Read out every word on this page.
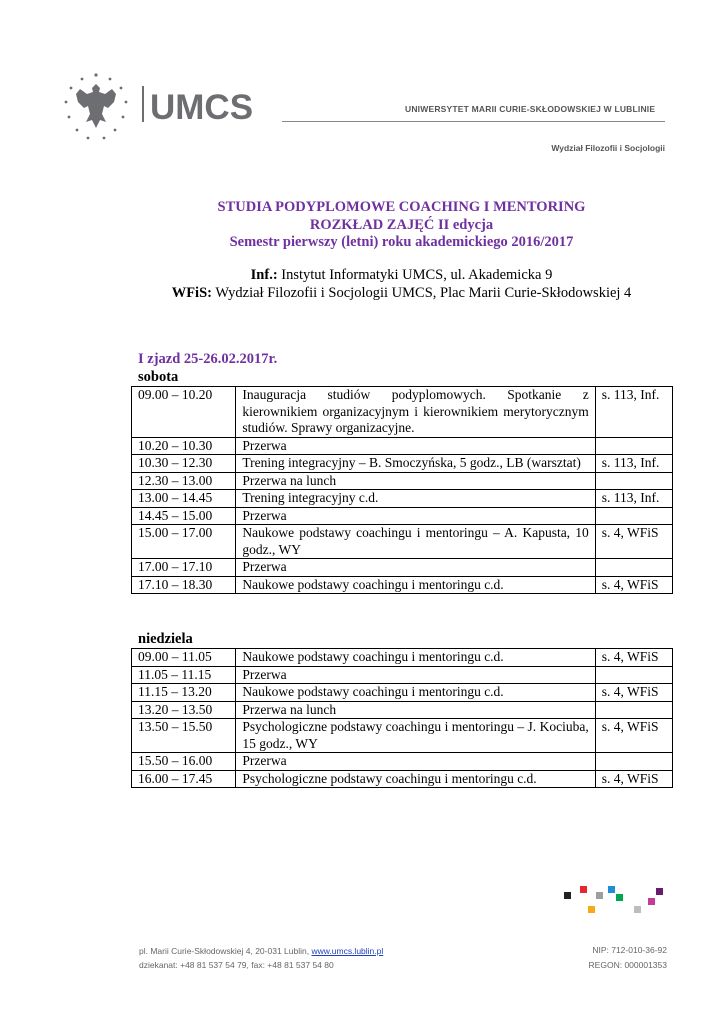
UMCS	UNIWERSYTET MARII CURIE-SKŁODOWSKIEJ W LUBLINIE
Wydział Filozofii i Socjologii
STUDIA PODYPLOMOWE COACHING I MENTORING
ROZKŁAD ZAJĘĆ II edycja
Semestr pierwszy (letni) roku akademickiego 2016/2017
Inf.: Instytut Informatyki UMCS, ul. Akademicka 9
WFiS: Wydział Filozofii i Socjologii UMCS, Plac Marii Curie-Skłodowskiej 4
I zjazd 25-26.02.2017r.
sobota
09.00 – 10.20	Inauguracja studiów podyplomowych. Spotkanie z kierownikiem organizacyjnym i kierownikiem merytorycznym studiów. Sprawy organizacyjne.	s. 113, Inf.
10.20 – 10.30	Przerwa	
10.30 – 12.30	Trening integracyjny – B. Smoczyńska, 5 godz., LB (warsztat)	s. 113, Inf.
12.30 – 13.00	Przerwa na lunch	
13.00 – 14.45	Trening integracyjny c.d.	s. 113, Inf.
14.45 – 15.00	Przerwa	
15.00 – 17.00	Naukowe podstawy coachingu i mentoringu – A. Kapusta, 10 godz., WY	s. 4, WFiS
17.00 – 17.10	Przerwa	
17.10 – 18.30	Naukowe podstawy coachingu i mentoringu c.d.	s. 4, WFiS
niedziela
09.00 – 11.05	Naukowe podstawy coachingu i mentoringu c.d.	s. 4, WFiS
11.05 – 11.15	Przerwa	
11.15 – 13.20	Naukowe podstawy coachingu i mentoringu c.d.	s. 4, WFiS
13.20 – 13.50	Przerwa na lunch	
13.50 – 15.50	Psychologiczne podstawy coachingu i mentoringu – J. Kociuba, 15 godz., WY	s. 4, WFiS
15.50 – 16.00	Przerwa	
16.00 – 17.45	Psychologiczne podstawy coachingu i mentoringu c.d.	s. 4, WFiS
pl. Marii Curie-Skłodowskiej 4, 20-031 Lublin, www.umcs.lublin.pl
dziekanat: +48 81 537 54 79, fax: +48 81 537 54 80
NIP: 712-010-36-92
REGON: 000001353
